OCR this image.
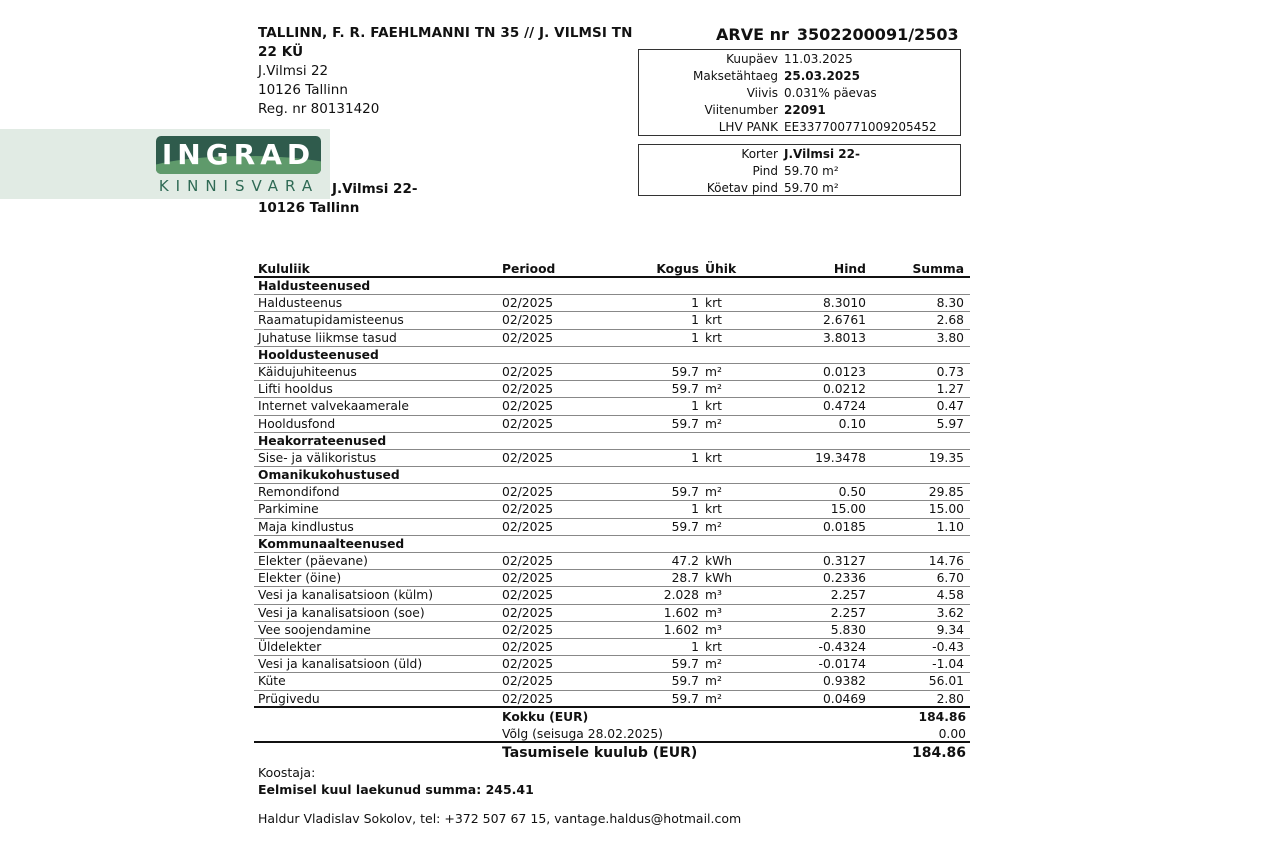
TALLINN, F. R. FAEHLMANNI TN 35 // J. VILMSI TN 22 KÜ
J.Vilmsi 22
10126 Tallinn
Reg. nr 80131420
J.Vilmsi 22-
10126 Tallinn
INGRAD
KINNISVARA
ARVE nr 3502200091/2503
Kuupäev 11.03.2025
Maksetähtaeg 25.03.2025
Viivis 0.031% päevas
Viitenumber 22091
LHV PANK EE337700771009205452
Korter J.Vilmsi 22-
Pind 59.70 m²
Köetav pind 59.70 m²
Kululiik	Periood	Kogus Ühik	Hind	Summa
Haldusteenused
Haldusteenus	02/2025	1 krt	8.3010	8.30
Raamatupidamisteenus	02/2025	1 krt	2.6761	2.68
Juhatuse liikmse tasud	02/2025	1 krt	3.8013	3.80
Hooldusteenused
Käidujuhiteenus	02/2025	59.7 m²	0.0123	0.73
Lifti hooldus	02/2025	59.7 m²	0.0212	1.27
Internet valvekaamerale	02/2025	1 krt	0.4724	0.47
Hooldusfond	02/2025	59.7 m²	0.10	5.97
Heakorrateenused
Sise- ja välikoristus	02/2025	1 krt	19.3478	19.35
Omanikukohustused
Remondifond	02/2025	59.7 m²	0.50	29.85
Parkimine	02/2025	1 krt	15.00	15.00
Maja kindlustus	02/2025	59.7 m²	0.0185	1.10
Kommunaalteenused
Elekter (päevane)	02/2025	47.2 kWh	0.3127	14.76
Elekter (öine)	02/2025	28.7 kWh	0.2336	6.70
Vesi ja kanalisatsioon (külm)	02/2025	2.028 m³	2.257	4.58
Vesi ja kanalisatsioon (soe)	02/2025	1.602 m³	2.257	3.62
Vee soojendamine	02/2025	1.602 m³	5.830	9.34
Üldelekter	02/2025	1 krt	-0.4324	-0.43
Vesi ja kanalisatsioon (üld)	02/2025	59.7 m²	-0.0174	-1.04
Küte	02/2025	59.7 m²	0.9382	56.01
Prügivedu	02/2025	59.7 m²	0.0469	2.80
Kokku (EUR)	184.86
Võlg (seisuga 28.02.2025)	0.00
Tasumisele kuulub (EUR)	184.86
Koostaja:
Eelmisel kuul laekunud summa: 245.41
Haldur Vladislav Sokolov, tel: +372 507 67 15, vantage.haldus@hotmail.com
